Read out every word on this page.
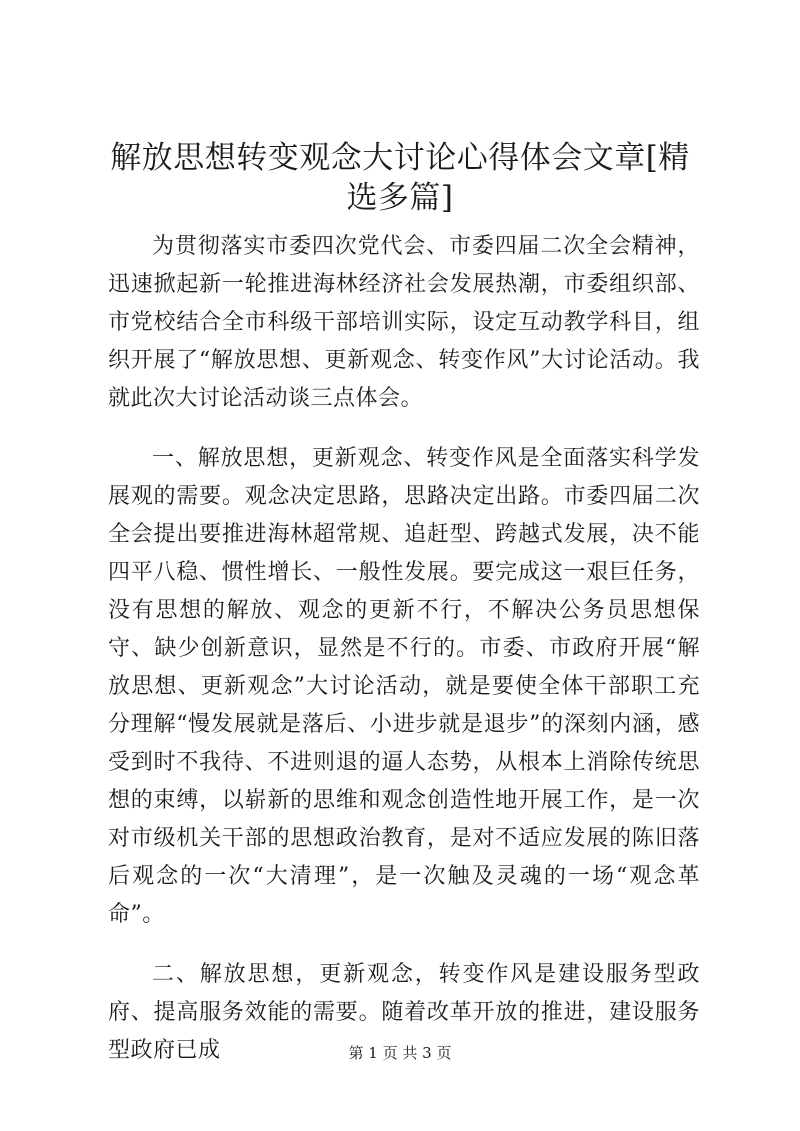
解放思想转变观念大讨论心得体会文章[精选多篇]

为贯彻落实市委四次党代会、市委四届二次全会精神，迅速掀起新一轮推进海林经济社会发展热潮，市委组织部、市党校结合全市科级干部培训实际，设定互动教学科目，组织开展了“解放思想、更新观念、转变作风”大讨论活动。我就此次大讨论活动谈三点体会。

一、解放思想，更新观念、转变作风是全面落实科学发展观的需要。观念决定思路，思路决定出路。市委四届二次全会提出要推进海林超常规、追赶型、跨越式发展，决不能四平八稳、惯性增长、一般性发展。要完成这一艰巨任务，没有思想的解放、观念的更新不行，不解决公务员思想保守、缺少创新意识，显然是不行的。市委、市政府开展“解放思想、更新观念”大讨论活动，就是要使全体干部职工充分理解“慢发展就是落后、小进步就是退步”的深刻内涵，感受到时不我待、不进则退的逼人态势，从根本上消除传统思想的束缚，以崭新的思维和观念创造性地开展工作，是一次对市级机关干部的思想政治教育，是对不适应发展的陈旧落后观念的一次“大清理”，是一次触及灵魂的一场“观念革命”。

二、解放思想，更新观念，转变作风是建设服务型政府、提高服务效能的需要。随着改革开放的推进，建设服务型政府已成	第 1 页 共 3 页
